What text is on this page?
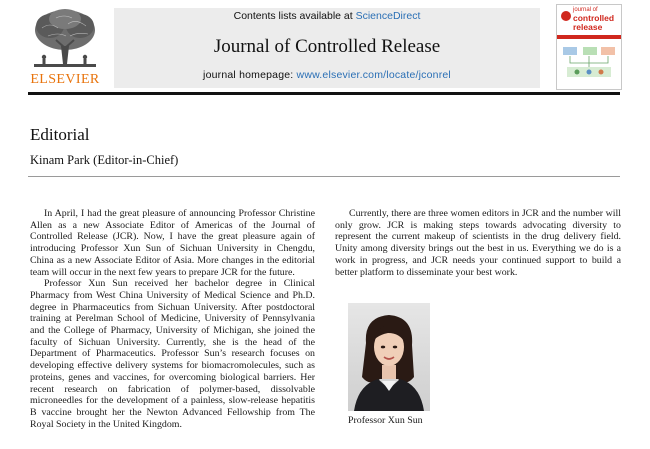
ELSEVIER
Contents lists available at ScienceDirect
Journal of Controlled Release
journal homepage: www.elsevier.com/locate/jconrel
journal of
controlled
release
Editorial
Kinam Park (Editor-in-Chief)

In April, I had the great pleasure of announcing Professor Christine Allen as a new Associate Editor of Americas of the Journal of Controlled Release (JCR). Now, I have the great pleasure again of introducing Professor Xun Sun of Sichuan University in Chengdu, China as a new Associate Editor of Asia. More changes in the editorial team will occur in the next few years to prepare JCR for the future.

Professor Xun Sun received her bachelor degree in Clinical Pharmacy from West China University of Medical Science and Ph.D. degree in Pharmaceutics from Sichuan University. After postdoctoral training at Perelman School of Medicine, University of Pennsylvania and the College of Pharmacy, University of Michigan, she joined the faculty of Sichuan University. Currently, she is the head of the Department of Pharmaceutics. Professor Sun’s research focuses on developing effective delivery systems for biomacromolecules, such as proteins, genes and vaccines, for overcoming biological barriers. Her recent research on fabrication of polymer-based, dissolvable microneedles for the development of a painless, slow-release hepatitis B vaccine brought her the Newton Advanced Fellowship from The Royal Society in the United Kingdom.

Currently, there are three women editors in JCR and the number will only grow. JCR is making steps towards advocating diversity to represent the current makeup of scientists in the drug delivery field. Unity among diversity brings out the best in us. Everything we do is a work in progress, and JCR needs your continued support to build a better platform to disseminate your best work.

Professor Xun Sun
